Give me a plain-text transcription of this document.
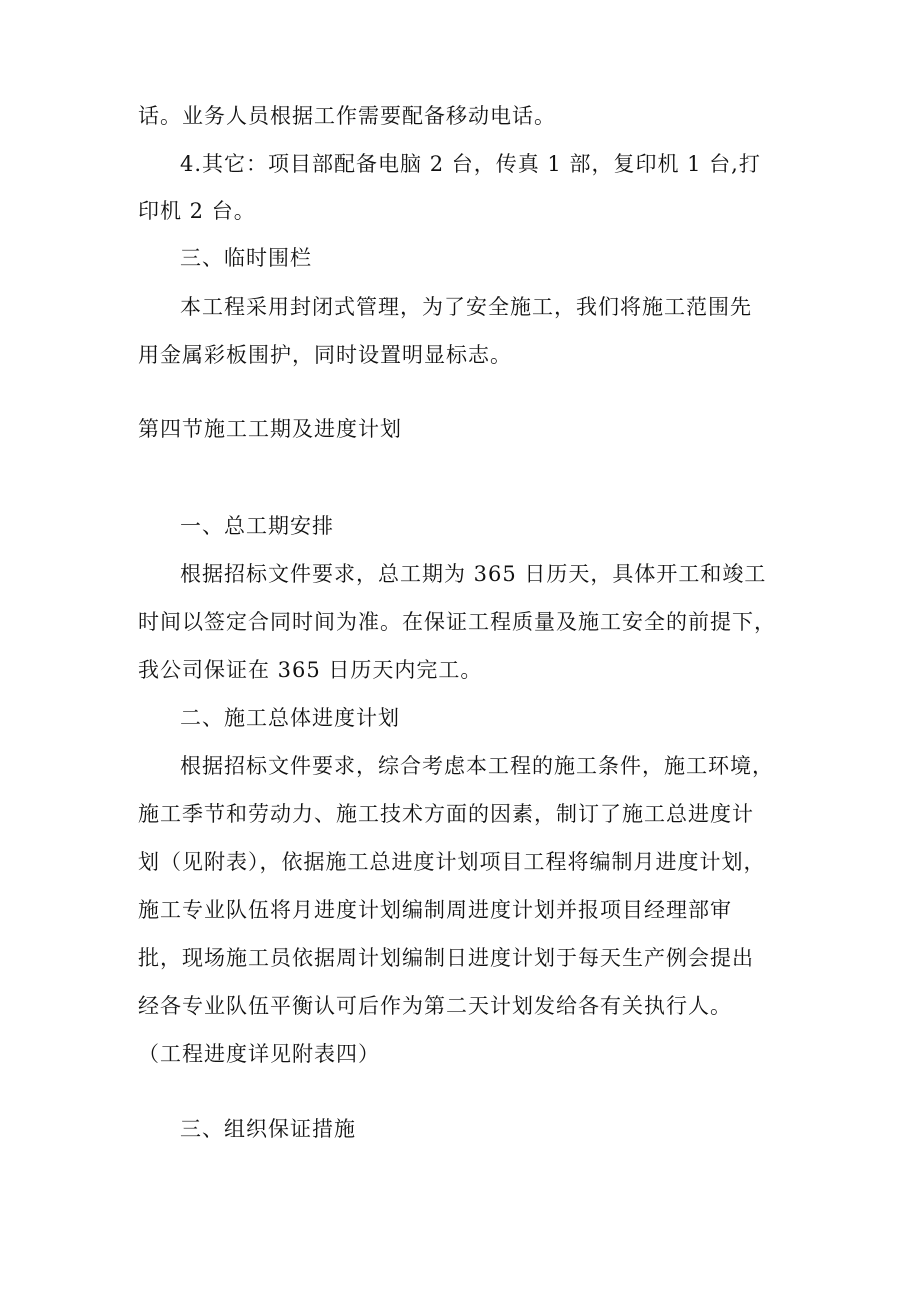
话。业务人员根据工作需要配备移动电话。
4.其它：项目部配备电脑 2 台，传真 1 部，复印机 1 台,打
印机 2 台。
三、临时围栏
本工程采用封闭式管理，为了安全施工，我们将施工范围先
用金属彩板围护，同时设置明显标志。
第四节施工工期及进度计划
一、总工期安排
根据招标文件要求，总工期为 365 日历天，具体开工和竣工
时间以签定合同时间为准。在保证工程质量及施工安全的前提下，
我公司保证在 365 日历天内完工。
二、施工总体进度计划
根据招标文件要求，综合考虑本工程的施工条件，施工环境，
施工季节和劳动力、施工技术方面的因素，制订了施工总进度计
划（见附表），依据施工总进度计划项目工程将编制月进度计划，
施工专业队伍将月进度计划编制周进度计划并报项目经理部审
批，现场施工员依据周计划编制日进度计划于每天生产例会提出
经各专业队伍平衡认可后作为第二天计划发给各有关执行人。
（工程进度详见附表四）
三、组织保证措施
